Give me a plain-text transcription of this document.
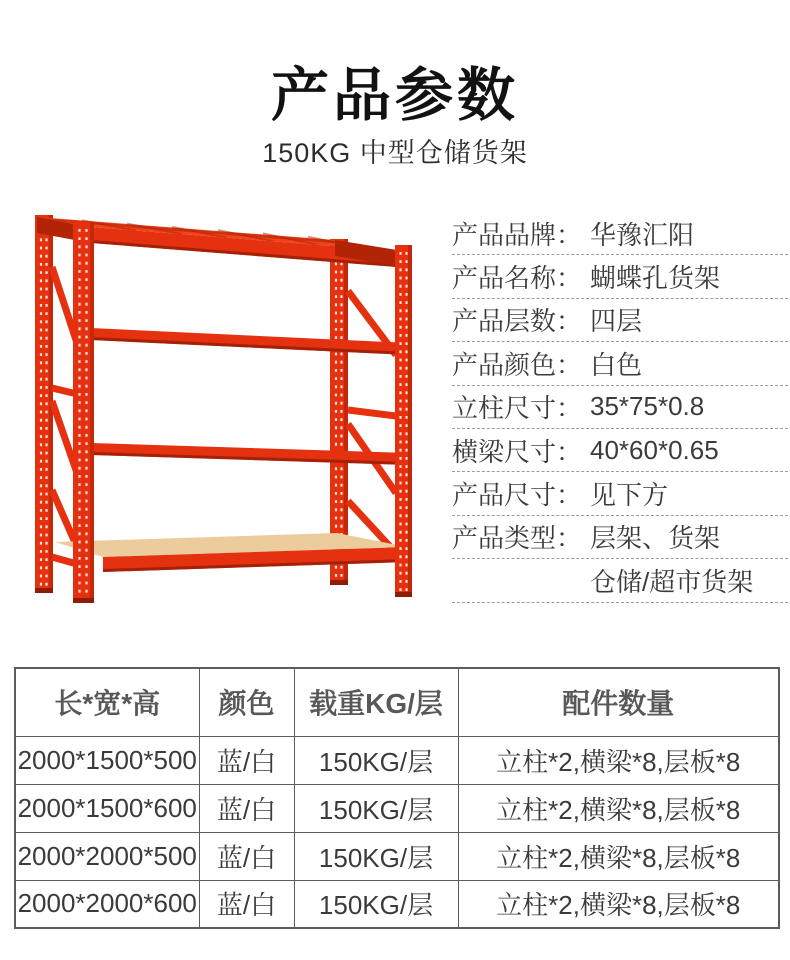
产品参数
150KG 中型仓储货架
产品品牌： 华豫汇阳
产品名称： 蝴蝶孔货架
产品层数： 四层
产品颜色： 白色
立柱尺寸： 35*75*0.8
横梁尺寸： 40*60*0.65
产品尺寸： 见下方
产品类型： 层架、货架
仓储/超市货架
长*宽*高	颜色	载重KG/层	配件数量
2000*1500*500	蓝/白	150KG/层	立柱*2,横梁*8,层板*8
2000*1500*600	蓝/白	150KG/层	立柱*2,横梁*8,层板*8
2000*2000*500	蓝/白	150KG/层	立柱*2,横梁*8,层板*8
2000*2000*600	蓝/白	150KG/层	立柱*2,横梁*8,层板*8
